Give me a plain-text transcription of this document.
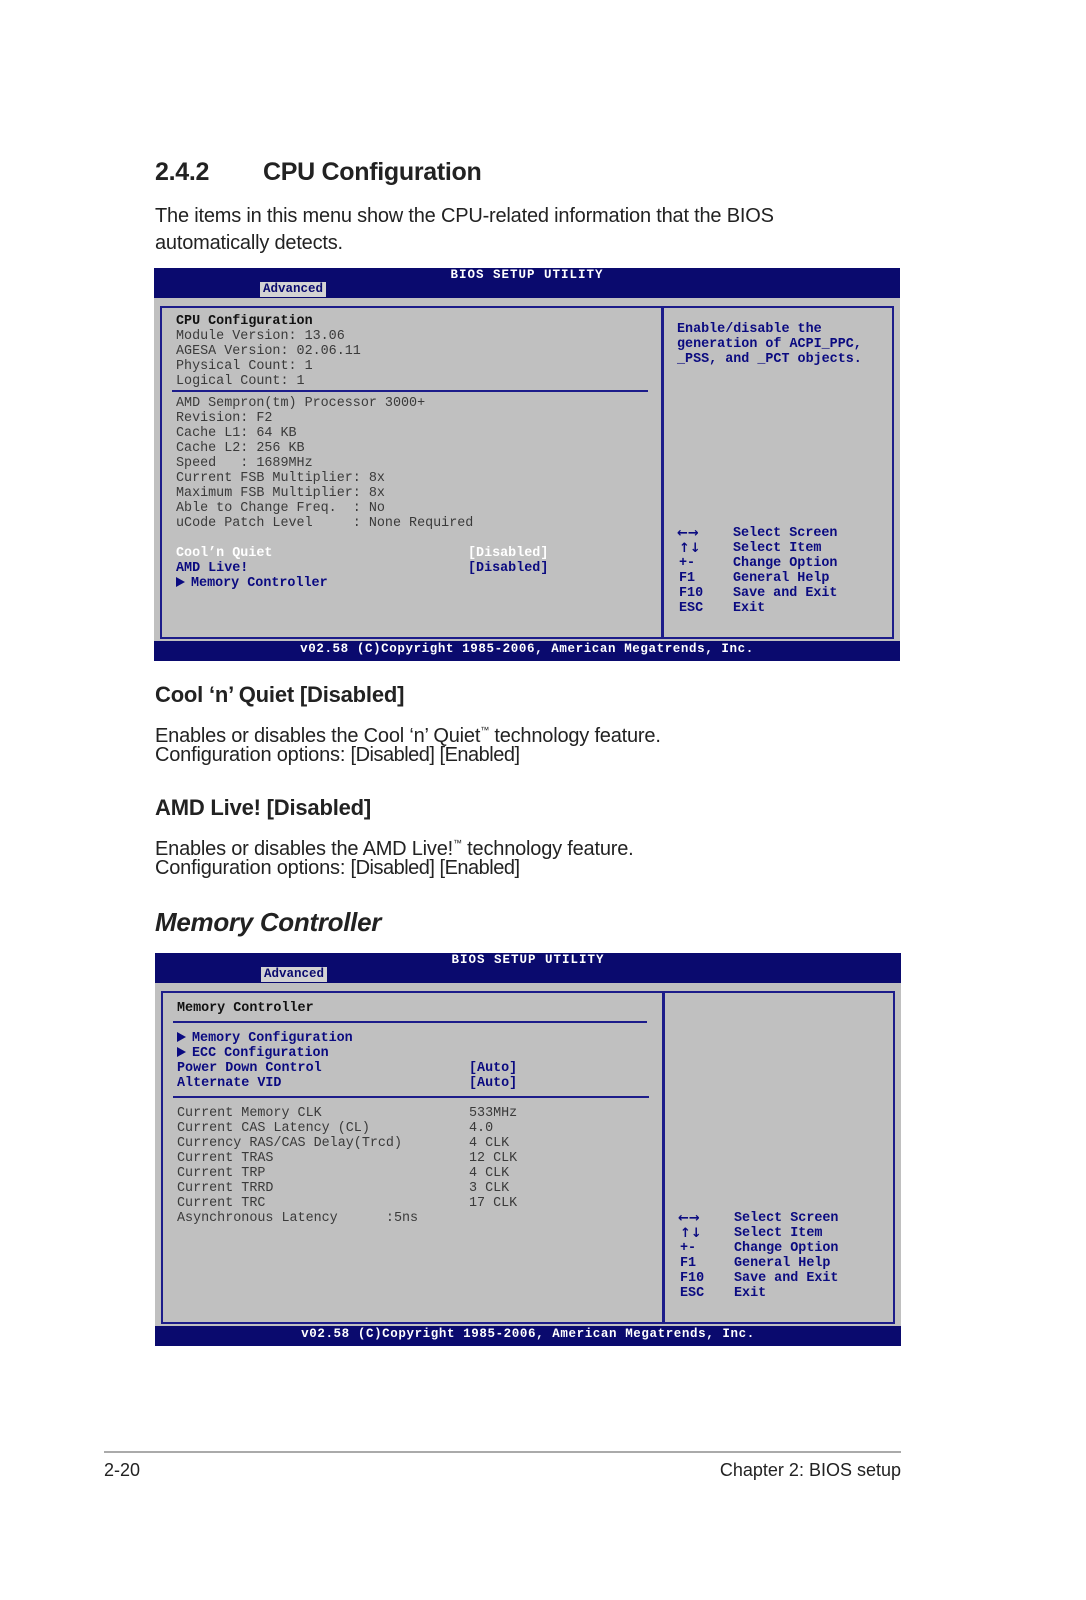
2.4.2 CPU Configuration
The items in this menu show the CPU-related information that the BIOS automatically detects.
BIOS SETUP UTILITY
Advanced
CPU Configuration
Module Version: 13.06
AGESA Version: 02.06.11
Physical Count: 1
Logical Count: 1
AMD Sempron(tm) Processor 3000+
Revision: F2
Cache L1: 64 KB
Cache L2: 256 KB
Speed   : 1689MHz
Current FSB Multiplier: 8x
Maximum FSB Multiplier: 8x
Able to Change Freq.  : No
uCode Patch Level     : None Required
Cool’n Quiet	[Disabled]
AMD Live!	[Disabled]
Memory Controller
Enable/disable the
generation of ACPI_PPC,
_PSS, and _PCT objects.
←→	Select Screen
↑↓ Select Item
+-	Change Option
F1	General Help
F10 Save and Exit
ESC Exit
v02.58 (C)Copyright 1985-2006, American Megatrends, Inc.
Cool ‘n’ Quiet [Disabled]
Enables or disables the Cool ‘n’ Quiet™ technology feature.
Configuration options: [Disabled] [Enabled]
AMD Live! [Disabled]
Enables or disables the AMD Live!™ technology feature.
Configuration options: [Disabled] [Enabled]
Memory Controller
BIOS SETUP UTILITY
Advanced
Memory Controller
Memory Configuration
ECC Configuration
Power Down Control	[Auto]
Alternate VID	[Auto]
Current Memory CLK	533MHz
Current CAS Latency (CL)	4.0
Currency RAS/CAS Delay(Trcd)	4 CLK
Current TRAS	12 CLK
Current TRP	4 CLK
Current TRRD	3 CLK
Current TRC	17 CLK
Asynchronous Latency      :5ns	←→	Select Screen
↑↓ Select Item
+-	Change Option
F1	General Help
F10 Save and Exit
ESC Exit
v02.58 (C)Copyright 1985-2006, American Megatrends, Inc.
2-20	Chapter 2: BIOS setup
